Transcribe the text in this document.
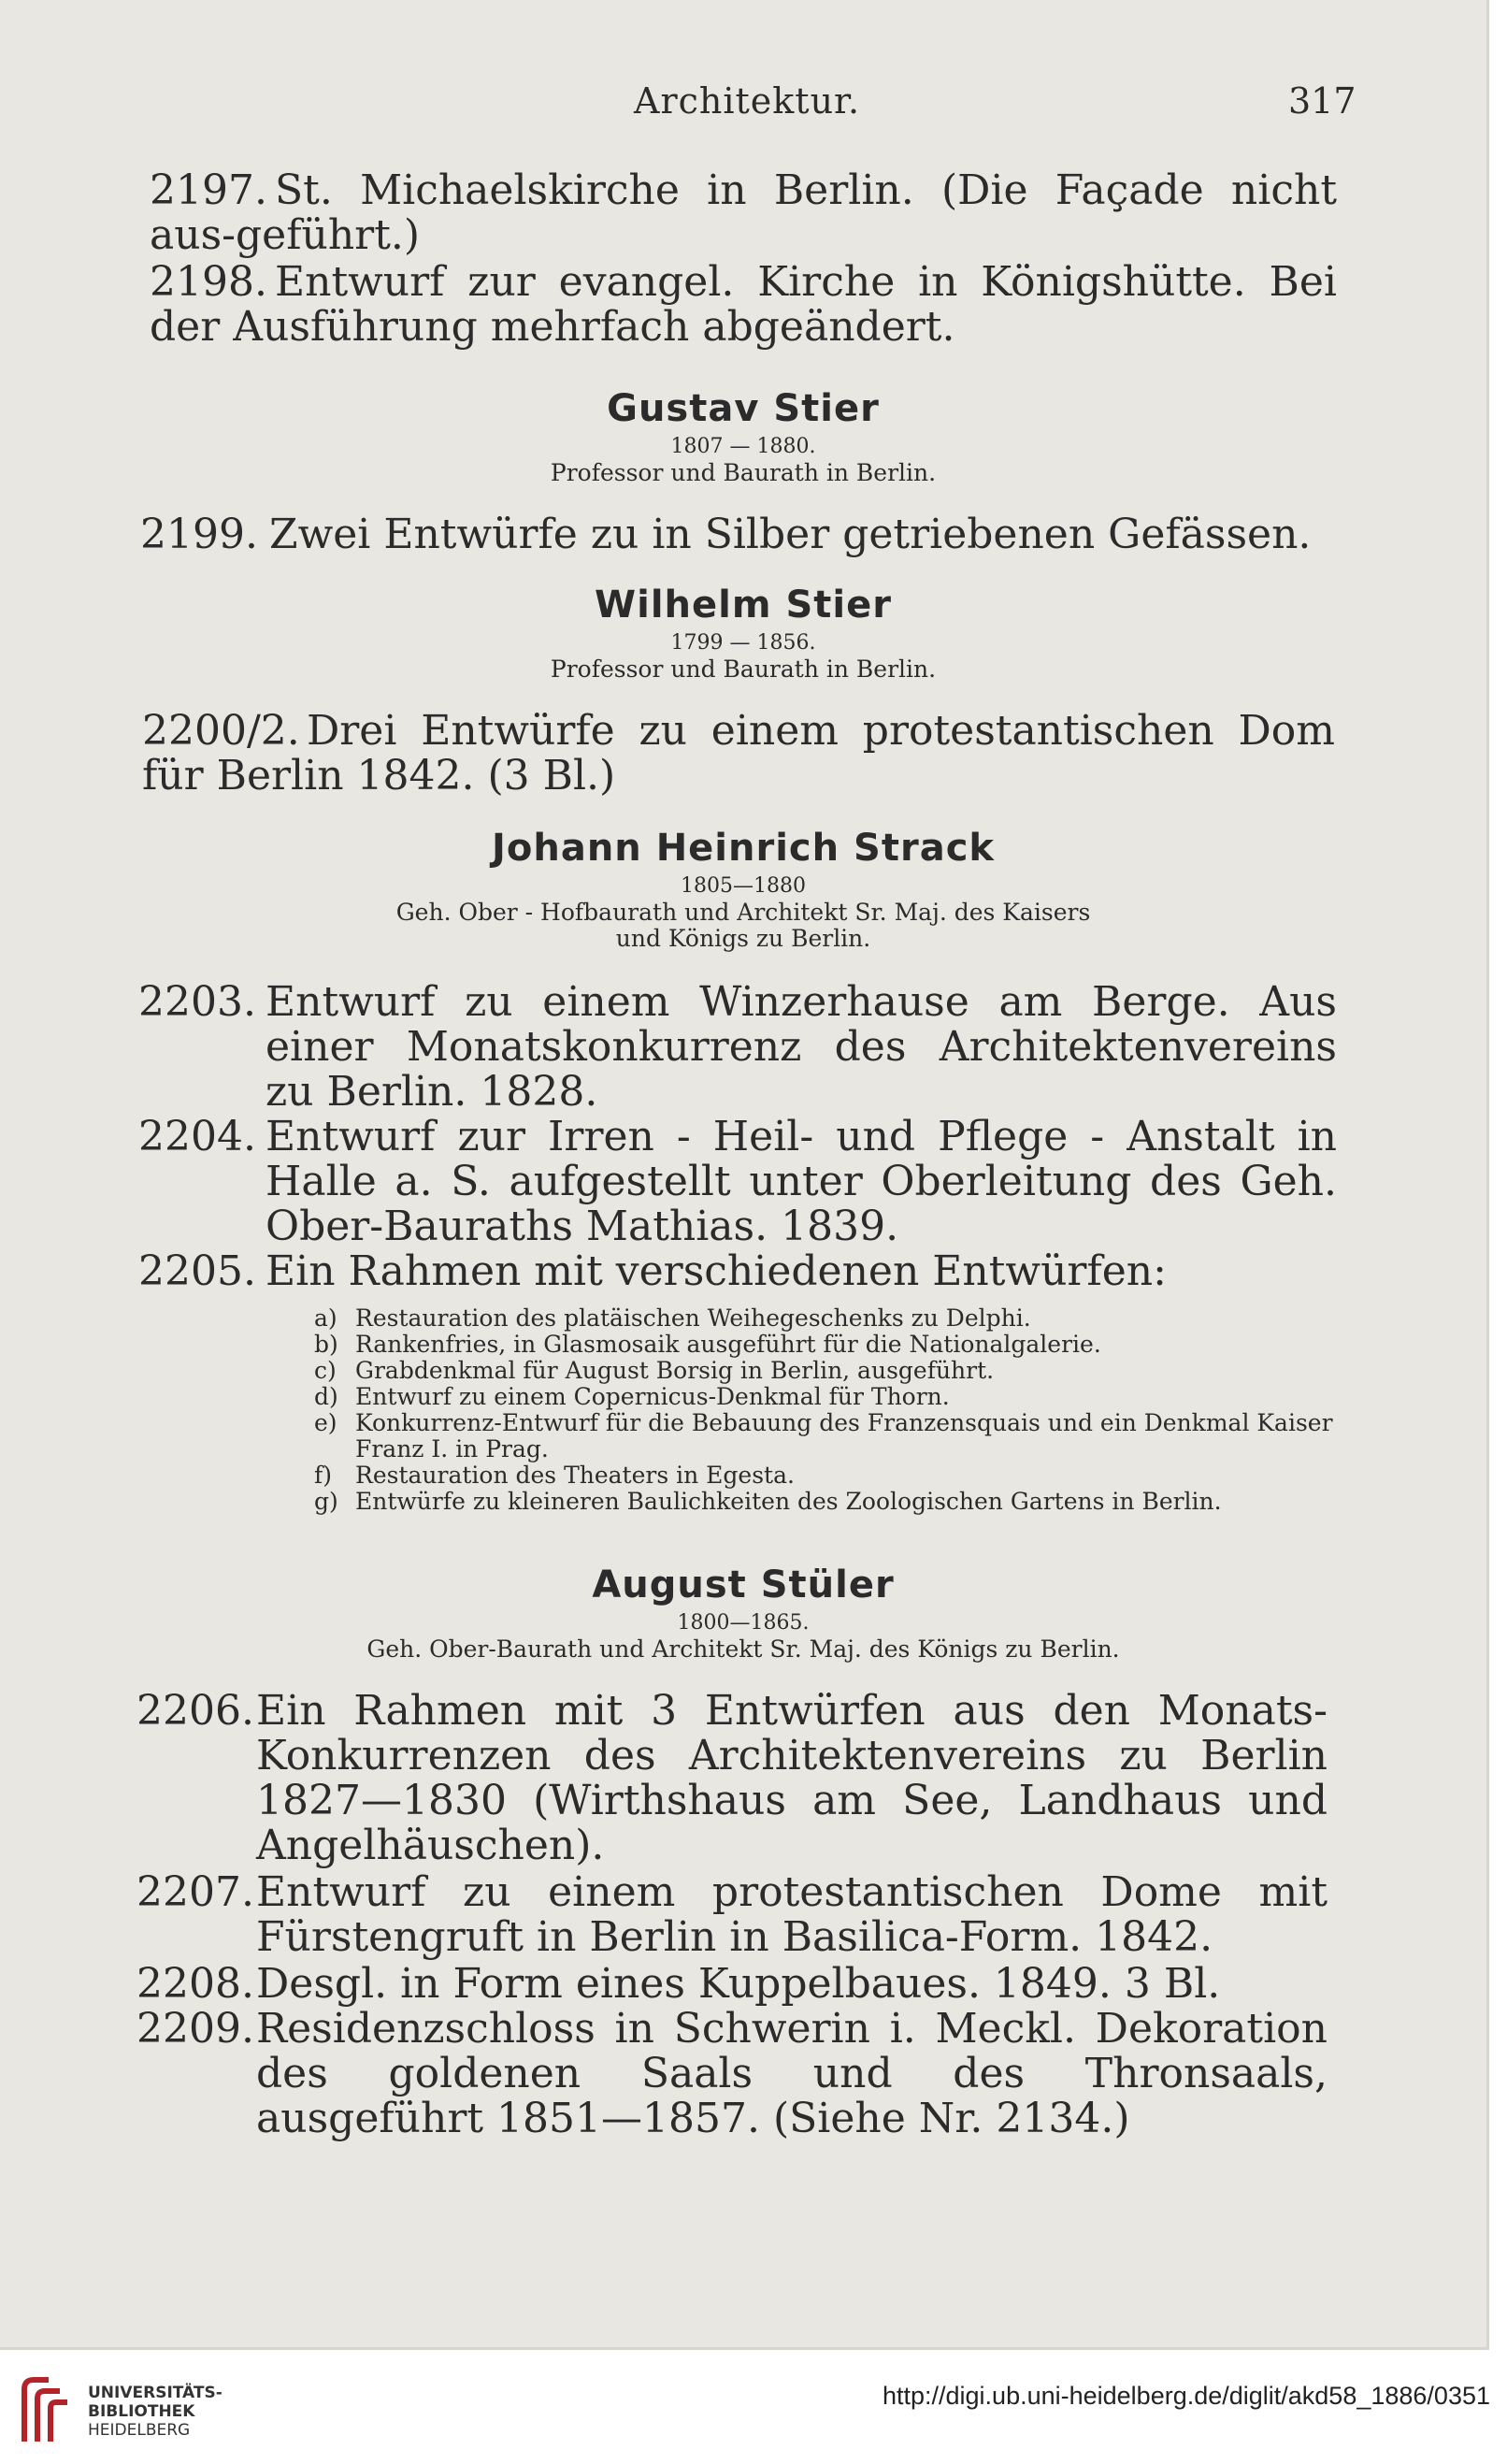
Architektur.	317
2197. St. Michaelskirche in Berlin. (Die Façade nicht aus-geführt.)
2198. Entwurf zur evangel. Kirche in Königshütte. Bei der Ausführung mehrfach abgeändert.
Gustav Stier
1807 — 1880.
Professor und Baurath in Berlin.
2199. Zwei Entwürfe zu in Silber getriebenen Gefässen.
Wilhelm Stier
1799 — 1856.
Professor und Baurath in Berlin.
2200/2. Drei Entwürfe zu einem protestantischen Dom für Berlin 1842. (3 Bl.)
Johann Heinrich Strack
1805—1880
Geh. Ober - Hofbaurath und Architekt Sr. Maj. des Kaisers
und Königs zu Berlin.
2203. Entwurf zu einem Winzerhause am Berge. Aus einer Monatskonkurrenz des Architektenvereins zu Berlin. 1828.
2204. Entwurf zur Irren - Heil- und Pflege - Anstalt in Halle a. S. aufgestellt unter Oberleitung des Geh. Ober-Bauraths Mathias. 1839.
2205. Ein Rahmen mit verschiedenen Entwürfen:
a) Restauration des platäischen Weihegeschenks zu Delphi.
b) Rankenfries, in Glasmosaik ausgeführt für die Nationalgalerie.
c) Grabdenkmal für August Borsig in Berlin, ausgeführt.
d) Entwurf zu einem Copernicus-Denkmal für Thorn.
e) Konkurrenz-Entwurf für die Bebauung des Franzensquais und ein Denkmal Kaiser Franz I. in Prag.
f) Restauration des Theaters in Egesta.
g) Entwürfe zu kleineren Baulichkeiten des Zoologischen Gartens in Berlin.
August Stüler
1800—1865.
Geh. Ober-Baurath und Architekt Sr. Maj. des Königs zu Berlin.
2206. Ein Rahmen mit 3 Entwürfen aus den Monats-Konkurrenzen des Architektenvereins zu Berlin 1827—1830 (Wirthshaus am See, Landhaus und Angelhäuschen).
2207. Entwurf zu einem protestantischen Dome mit Fürstengruft in Berlin in Basilica-Form. 1842.
2208. Desgl. in Form eines Kuppelbaues. 1849. 3 Bl.
2209. Residenzschloss in Schwerin i. Meckl. Dekoration des goldenen Saals und des Thronsaals, ausgeführt 1851—1857. (Siehe Nr. 2134.)
UNIVERSITÄTS-
BIBLIOTHEK
HEIDELBERG
http://digi.ub.uni-heidelberg.de/diglit/akd58_1886/0351
